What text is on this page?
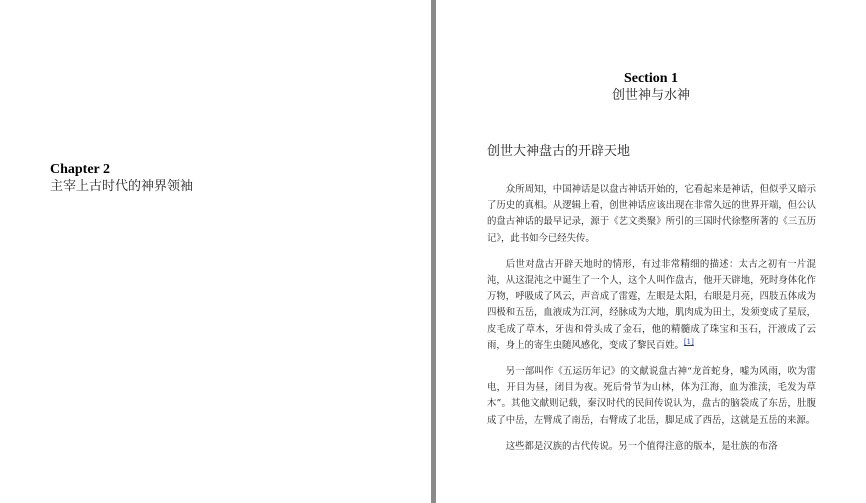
Chapter 2
主宰上古时代的神界领袖
Section 1
创世神与水神
创世大神盘古的开辟天地

众所周知，中国神话是以盘古神话开始的，它看起来是神话，但似乎又暗示了历史的真相。从逻辑上看，创世神话应该出现在非常久远的世界开端，但公认的盘古神话的最早记录，源于《艺文类聚》所引的三国时代徐整所著的《三五历记》，此书如今已经失传。

后世对盘古开辟天地时的情形，有过非常精细的描述：太古之初有一片混沌，从这混沌之中诞生了一个人，这个人叫作盘古，他开天辟地，死时身体化作万物，呼吸成了风云，声音成了雷霆，左眼是太阳，右眼是月亮，四肢五体成为四极和五岳，血液成为江河，经脉成为大地，肌肉成为田土，发须变成了星辰，皮毛成了草木，牙齿和骨头成了金石，他的精髓成了珠宝和玉石，汗液成了云雨，身上的寄生虫随风感化，变成了黎民百姓。[1]

另一部叫作《五运历年记》的文献说盘古神“龙首蛇身，嘘为风雨，吹为雷电，开目为昼，闭目为夜。死后骨节为山林，体为江海，血为淮渎，毛发为草木”。其他文献则记载，秦汉时代的民间传说认为，盘古的脑袋成了东岳，肚腹成了中岳，左臂成了南岳，右臂成了北岳，脚足成了西岳，这就是五岳的来源。

这些都是汉族的古代传说。另一个值得注意的版本，是壮族的布洛
